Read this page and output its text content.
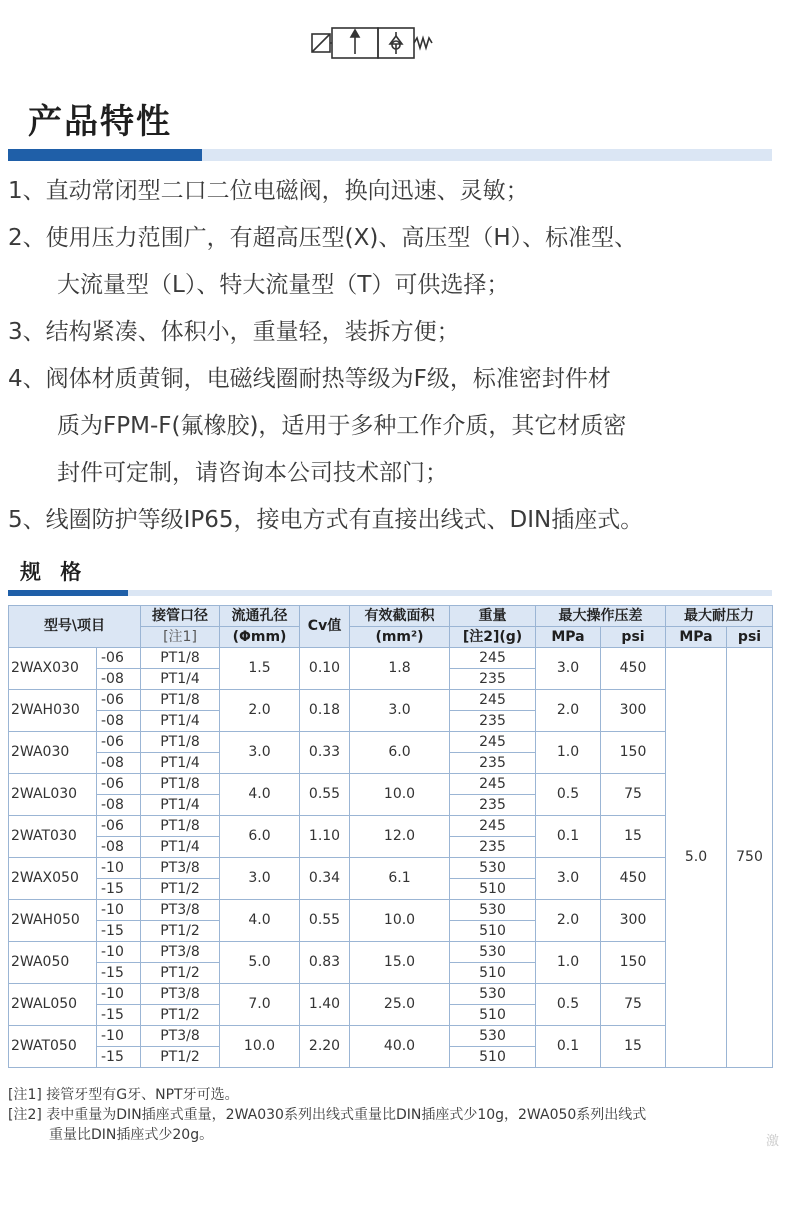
产品特性
1、直动常闭型二口二位电磁阀，换向迅速、灵敏；
2、使用压力范围广，有超高压型(X)、高压型（H）、标准型、
大流量型（L）、特大流量型（T）可供选择；
3、结构紧凑、体积小，重量轻，装拆方便；
4、阀体材质黄铜，电磁线圈耐热等级为F级，标准密封件材
质为FPM-F(氟橡胶)，适用于多种工作介质，其它材质密
封件可定制，请咨询本公司技术部门；
5、线圈防护等级IP65，接电方式有直接出线式、DIN插座式。
规 格
型号\项目		接管口径	流通孔径	Cv值	有效截面积	重量	最大操作压差		最大耐压力	
		[注1]	(Φmm)		(mm²)	[注2](g)	MPa	psi	MPa	psi
2WAX030	-06	PT1/8	1.5	0.10	1.8	245	3.0	450	5.0	750
	-08	PT1/4				235				
2WAH030	-06	PT1/8	2.0	0.18	3.0	245	2.0	300		
	-08	PT1/4				235				
2WA030	-06	PT1/8	3.0	0.33	6.0	245	1.0	150		
	-08	PT1/4				235				
2WAL030	-06	PT1/8	4.0	0.55	10.0	245	0.5	75		
	-08	PT1/4				235				
2WAT030	-06	PT1/8	6.0	1.10	12.0	245	0.1	15		
	-08	PT1/4				235				
2WAX050	-10	PT3/8	3.0	0.34	6.1	530	3.0	450		
	-15	PT1/2				510				
2WAH050	-10	PT3/8	4.0	0.55	10.0	530	2.0	300		
	-15	PT1/2				510				
2WA050	-10	PT3/8	5.0	0.83	15.0	530	1.0	150		
	-15	PT1/2				510				
2WAL050	-10	PT3/8	7.0	1.40	25.0	530	0.5	75		
	-15	PT1/2				510				
2WAT050	-10	PT3/8	10.0	2.20	40.0	530	0.1	15		
	-15	PT1/2				510				
[注1] 接管牙型有G牙、NPT牙可选。
[注2] 表中重量为DIN插座式重量，2WA030系列出线式重量比DIN插座式少10g，2WA050系列出线式
重量比DIN插座式少20g。	激
